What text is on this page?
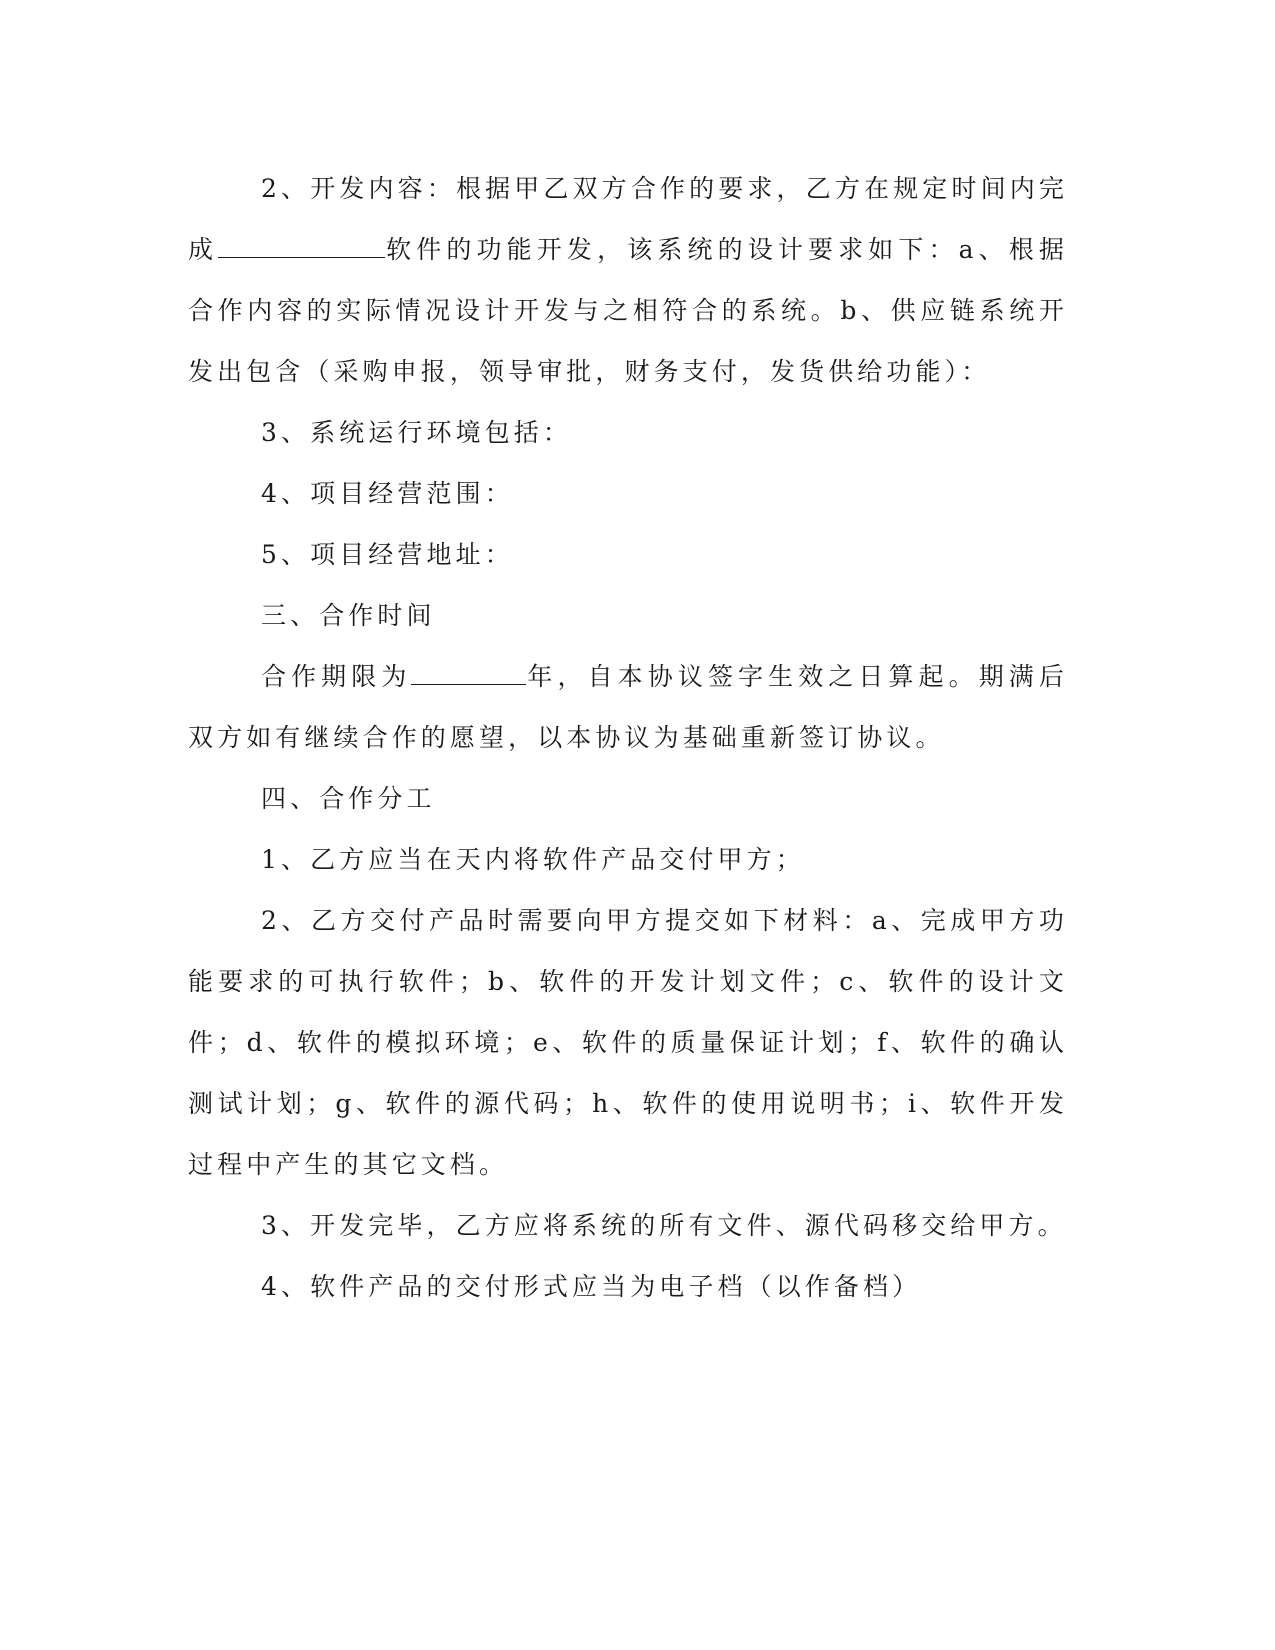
2、开发内容：根据甲乙双方合作的要求，乙方在规定时间内完成	软件的功能开发，该系统的设计要求如下：a、根据合作内容的实际情况设计开发与之相符合的系统。b、供应链系统开发出包含（采购申报，领导审批，财务支付，发货供给功能）：

3、系统运行环境包括：

4、项目经营范围：

5、项目经营地址：

三、合作时间

合作期限为	年，自本协议签字生效之日算起。期满后双方如有继续合作的愿望，以本协议为基础重新签订协议。

四、合作分工

1、乙方应当在天内将软件产品交付甲方；

2、乙方交付产品时需要向甲方提交如下材料：a、完成甲方功能要求的可执行软件；b、软件的开发计划文件；c、软件的设计文件；d、软件的模拟环境；e、软件的质量保证计划；f、软件的确认测试计划；g、软件的源代码；h、软件的使用说明书；i、软件开发过程中产生的其它文档。

3、开发完毕，乙方应将系统的所有文件、源代码移交给甲方。

4、软件产品的交付形式应当为电子档（以作备档）
